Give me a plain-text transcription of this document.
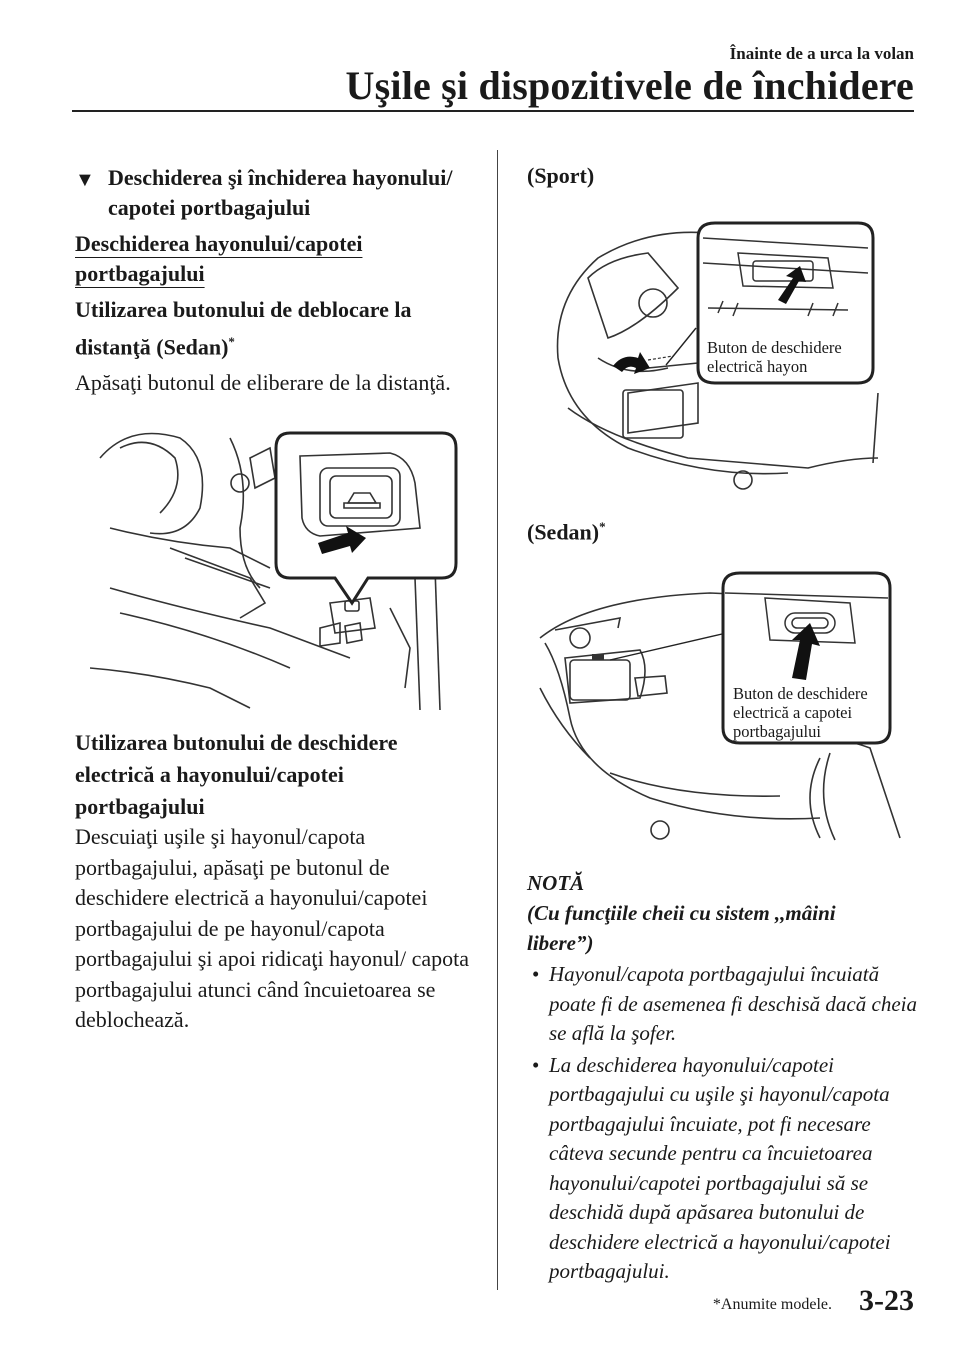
Înainte de a urca la volan
Uşile şi dispozitivele de închidere
▼ Deschiderea şi închiderea hayonului/ capotei portbagajului
Deschiderea hayonului/capotei portbagajului
Utilizarea butonului de deblocare la distanţă (Sedan)*
Apăsaţi butonul de eliberare de la distanţă.
Utilizarea butonului de deschidere electrică a hayonului/capotei portbagajului
Descuiaţi uşile şi hayonul/capota portbagajului, apăsaţi pe butonul de deschidere electrică a hayonului/capotei portbagajului de pe hayonul/capota portbagajului şi apoi ridicaţi hayonul/ capota portbagajului atunci când încuietoarea se deblochează.
(Sport)
Buton de deschidere
electrică hayon
(Sedan)*
Buton de deschidere
electrică a capotei
portbagajului
NOTĂ
(Cu funcţiile cheii cu sistem ,,mâini libere”)
• Hayonul/capota portbagajului încuiată poate fi de asemenea fi deschisă dacă cheia se află la şofer.
• La deschiderea hayonului/capotei portbagajului cu uşile şi hayonul/capota portbagajului încuiate, pot fi necesare câteva secunde pentru ca încuietoarea hayonului/capotei portbagajului să se deschidă după apăsarea butonului de deschidere electrică a hayonului/capotei portbagajului.
*Anumite modele. 3-23
